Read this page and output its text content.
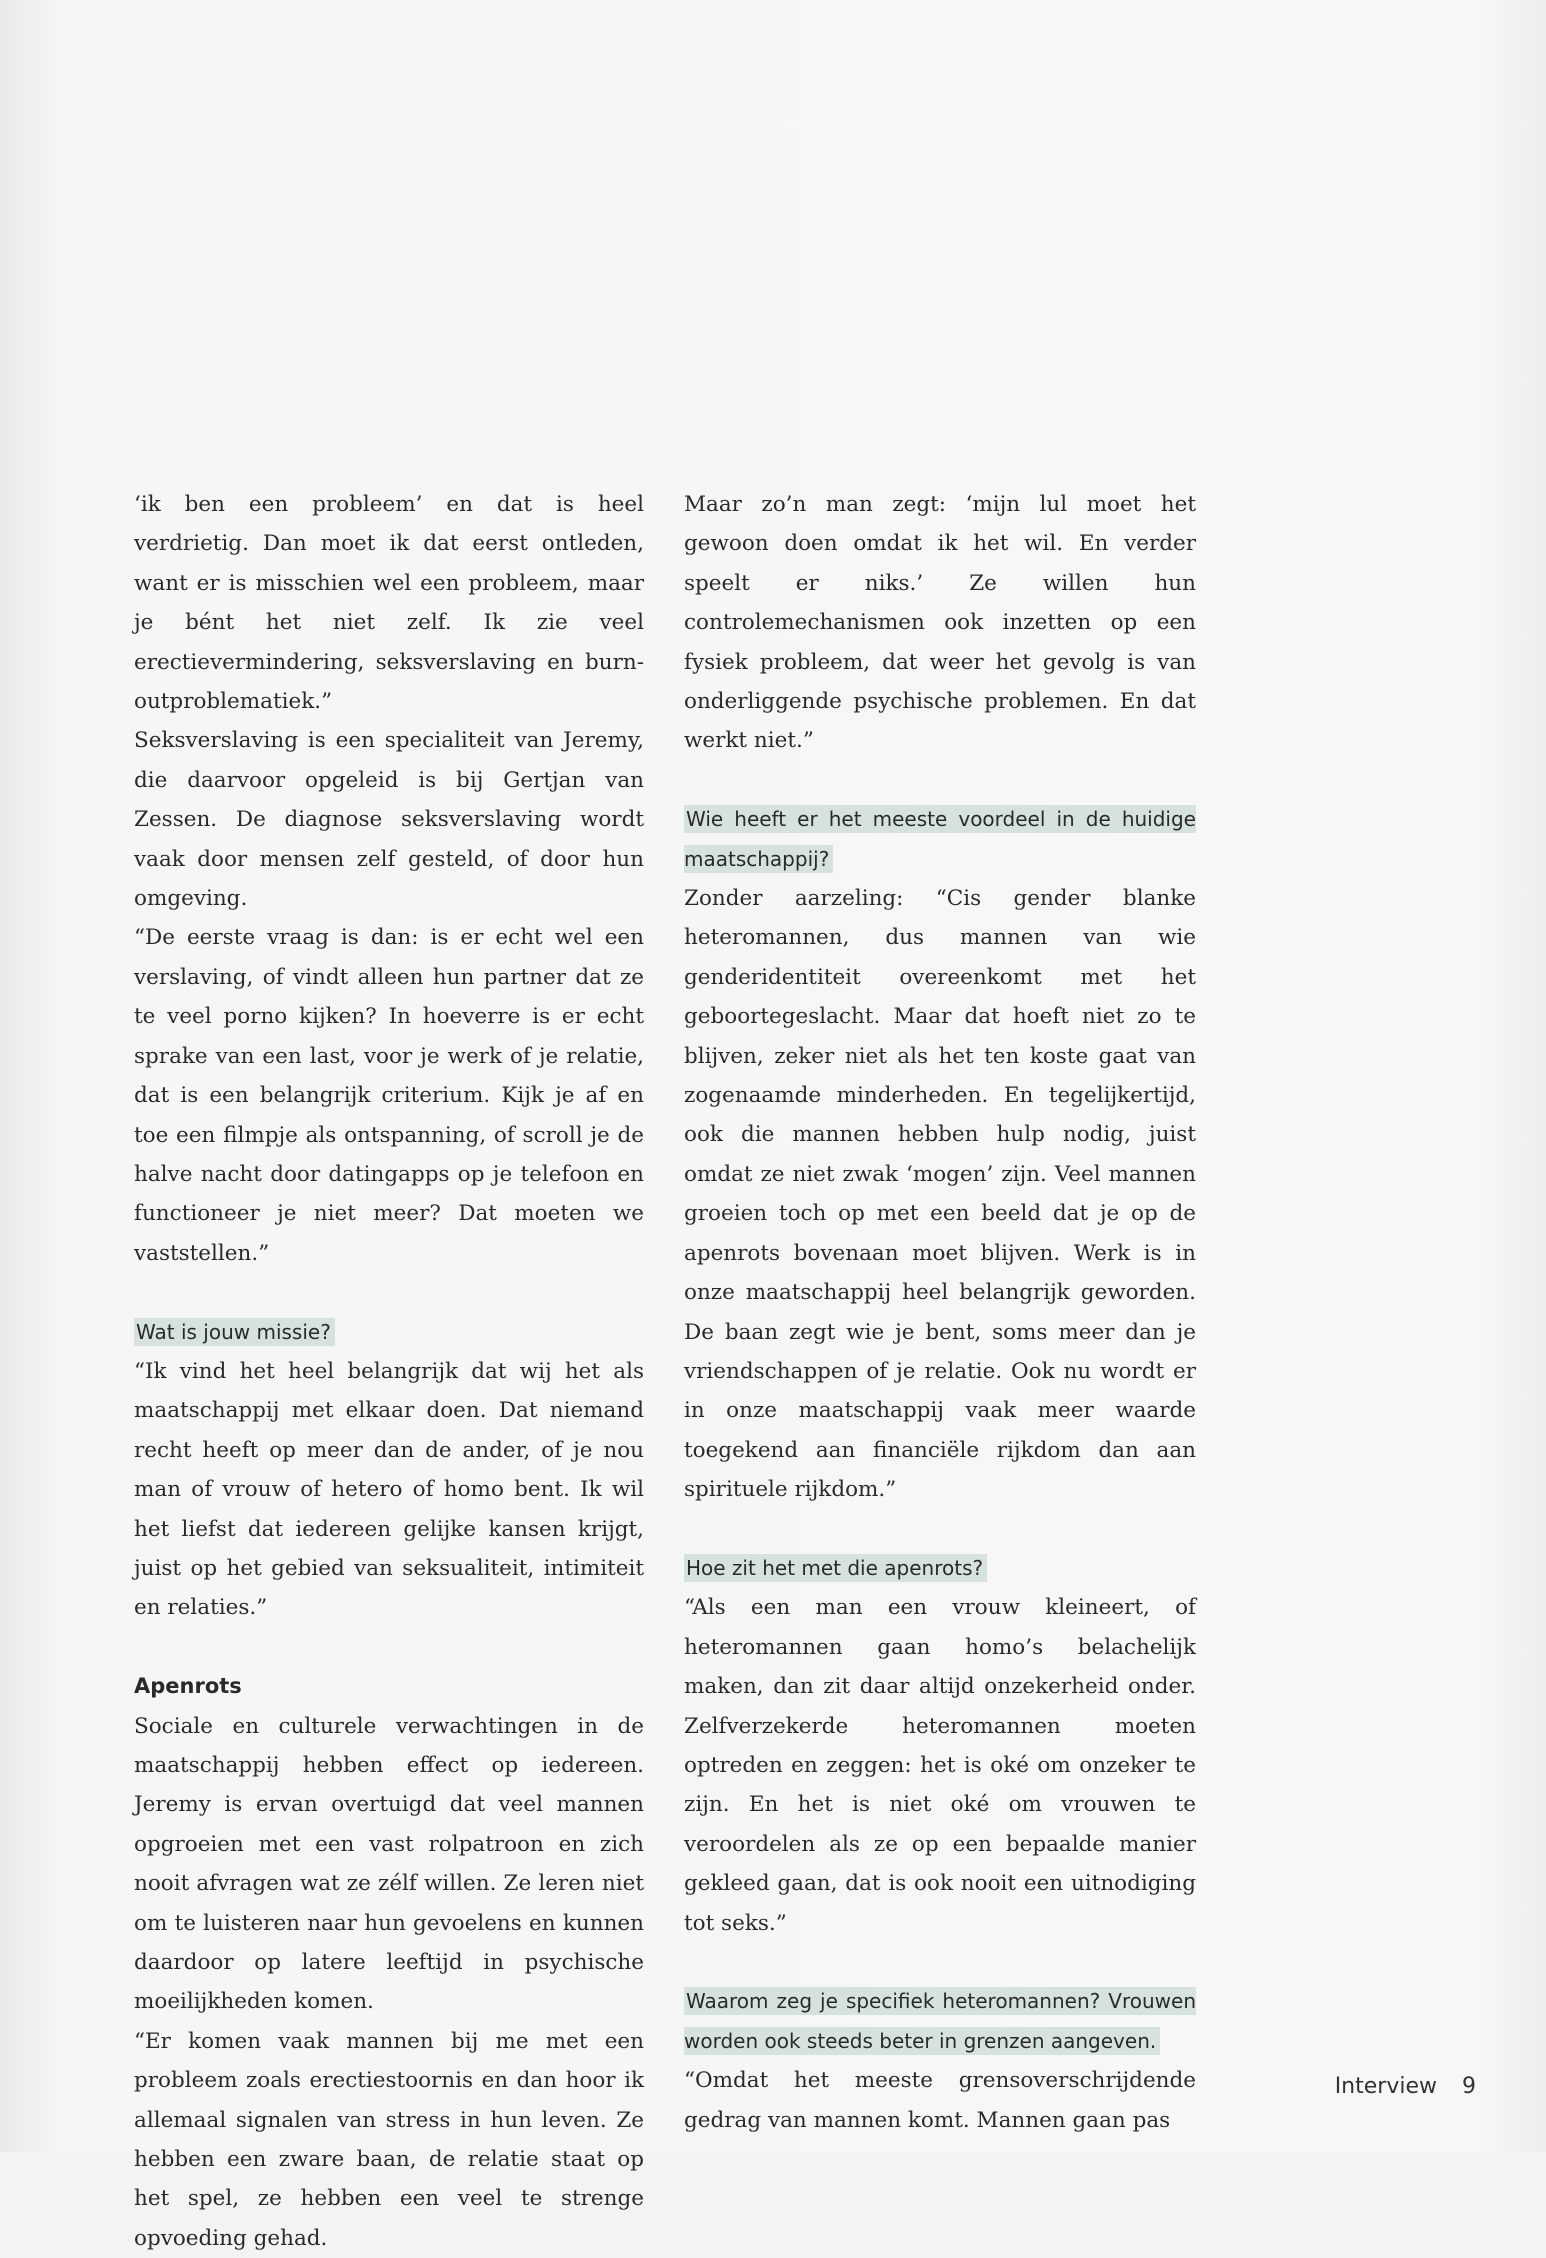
‘ik ben een probleem’ en dat is heel verdrietig. Dan moet ik dat eerst ontleden, want er is misschien wel een probleem, maar je bént het niet zelf. Ik zie veel erectievermindering, seksverslaving en burn-outproblematiek.”

Seksverslaving is een specialiteit van Jeremy, die daarvoor opgeleid is bij Gertjan van Zessen. De diagnose seksverslaving wordt vaak door mensen zelf gesteld, of door hun omgeving.

“De eerste vraag is dan: is er echt wel een verslaving, of vindt alleen hun partner dat ze te veel porno kijken? In hoeverre is er echt sprake van een last, voor je werk of je relatie, dat is een belangrijk criterium. Kijk je af en toe een filmpje als ontspanning, of scroll je de halve nacht door datingapps op je telefoon en functioneer je niet meer? Dat moeten we vaststellen.”

Wat is jouw missie?

“Ik vind het heel belangrijk dat wij het als maatschappij met elkaar doen. Dat niemand recht heeft op meer dan de ander, of je nou man of vrouw of hetero of homo bent. Ik wil het liefst dat iedereen gelijke kansen krijgt, juist op het gebied van seksualiteit, intimiteit en relaties.”

Apenrots

Sociale en culturele verwachtingen in de maatschappij hebben effect op iedereen. Jeremy is ervan overtuigd dat veel mannen opgroeien met een vast rolpatroon en zich nooit afvragen wat ze zélf willen. Ze leren niet om te luisteren naar hun gevoelens en kunnen daardoor op latere leeftijd in psychische moeilijkheden komen.

“Er komen vaak mannen bij me met een probleem zoals erectiestoornis en dan hoor ik allemaal signalen van stress in hun leven. Ze hebben een zware baan, de relatie staat op het spel, ze hebben een veel te strenge opvoeding gehad.

Maar zo’n man zegt: ‘mijn lul moet het gewoon doen omdat ik het wil. En verder speelt er niks.’ Ze willen hun controlemechanismen ook inzetten op een fysiek probleem, dat weer het gevolg is van onderliggende psychische problemen. En dat werkt niet.”

Wie heeft er het meeste voordeel in de huidige maatschappij?

Zonder aarzeling: “Cis gender blanke heteromannen, dus mannen van wie genderidentiteit overeenkomt met het geboortegeslacht. Maar dat hoeft niet zo te blijven, zeker niet als het ten koste gaat van zogenaamde minderheden. En tegelijkertijd, ook die mannen hebben hulp nodig, juist omdat ze niet zwak ‘mogen’ zijn. Veel mannen groeien toch op met een beeld dat je op de apenrots bovenaan moet blijven. Werk is in onze maatschappij heel belangrijk geworden. De baan zegt wie je bent, soms meer dan je vriendschappen of je relatie. Ook nu wordt er in onze maatschappij vaak meer waarde toegekend aan financiële rijkdom dan aan spirituele rijkdom.”

Hoe zit het met die apenrots?

“Als een man een vrouw kleineert, of heteromannen gaan homo’s belachelijk maken, dan zit daar altijd onzekerheid onder. Zelfverzekerde heteromannen moeten optreden en zeggen: het is oké om onzeker te zijn. En het is niet oké om vrouwen te veroordelen als ze op een bepaalde manier gekleed gaan, dat is ook nooit een uitnodiging tot seks.”

Waarom zeg je specifiek heteromannen? Vrouwen worden ook steeds beter in grenzen aangeven.

“Omdat het meeste grensoverschrijdende gedrag van mannen komt. Mannen gaan pas

Interview 9
